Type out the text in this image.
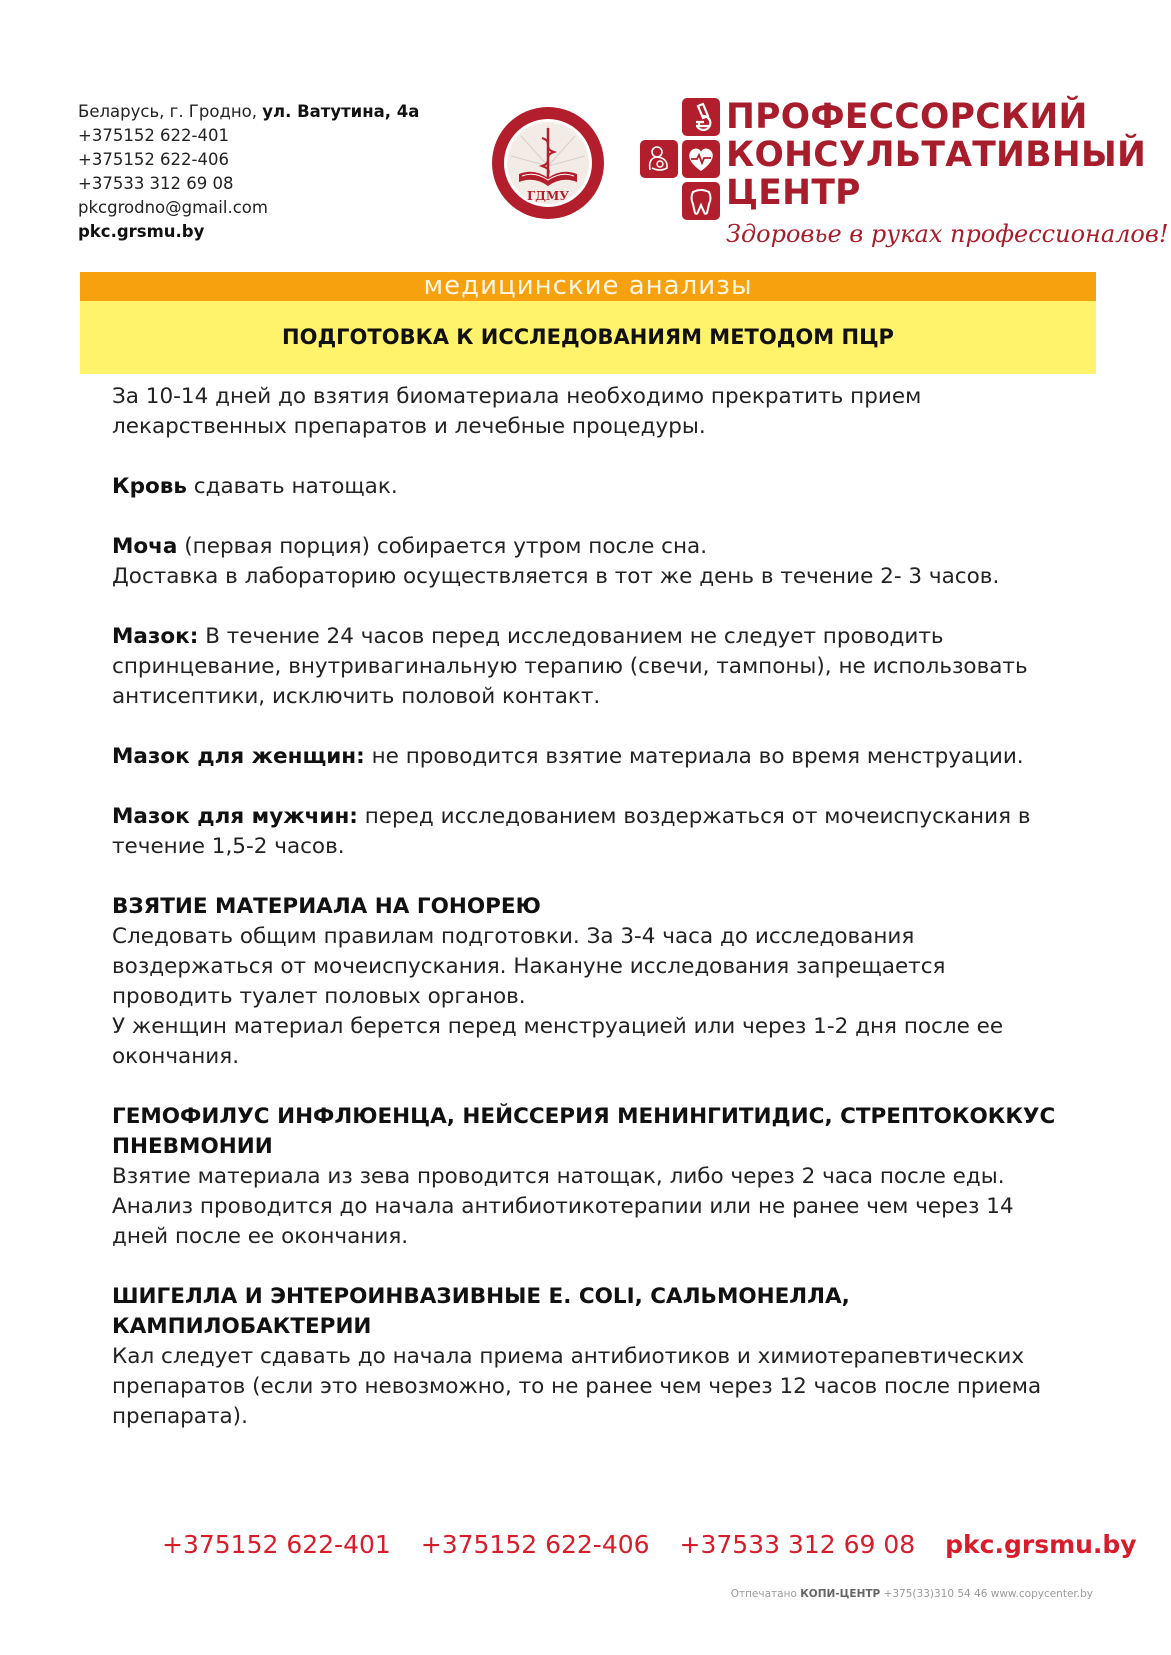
Беларусь, г. Гродно, ул. Ватутина, 4а
+375152 622-401
+375152 622-406
+37533 312 69 08
pkcgrodno@gmail.com
pkc.grsmu.by
ГДМУ
ПРОФЕССОРСКИЙ
КОНСУЛЬТАТИВНЫЙ
ЦЕНТР
Здоровье в руках профессионалов!
медицинские анализы
ПОДГОТОВКА К ИССЛЕДОВАНИЯМ МЕТОДОМ ПЦР

За 10-14 дней до взятия биоматериала необходимо прекратить прием лекарственных препаратов и лечебные процедуры.

Кровь сдавать натощак.

Моча (первая порция) собирается утром после сна.
Доставка в лабораторию осуществляется в тот же день в течение 2- 3 часов.

Мазок: В течение 24 часов перед исследованием не следует проводить спринцевание, внутривагинальную терапию (свечи, тампоны), не использовать антисептики, исключить половой контакт.

Мазок для женщин: не проводится взятие материала во время менструации.

Мазок для мужчин: перед исследованием воздержаться от мочеиспускания в течение 1,5-2 часов.

ВЗЯТИЕ МАТЕРИАЛА НА ГОНОРЕЮ

Следовать общим правилам подготовки. За 3-4 часа до исследования воздержаться от мочеиспускания. Накануне исследования запрещается проводить туалет половых органов.
У женщин материал берется перед менструацией или через 1-2 дня после ее окончания.

ГЕМОФИЛУС ИНФЛЮЕНЦА, НЕЙССЕРИЯ МЕНИНГИТИДИС, СТРЕПТОКОККУС ПНЕВМОНИИ

Взятие материала из зева проводится натощак, либо через 2 часа после еды. Анализ проводится до начала антибиотикотерапии или не ранее чем через 14 дней после ее окончания.

ШИГЕЛЛА И ЭНТЕРОИНВАЗИВНЫЕ E. COLI, САЛЬМОНЕЛЛА, КАМПИЛОБАКТЕРИИ

Кал следует сдавать до начала приема антибиотиков и химиотерапевтических препаратов (если это невозможно, то не ранее чем через 12 часов после приема препарата).

+375152 622-401 +375152 622-406 +37533 312 69 08 pkc.grsmu.by
Отпечатано КОПИ-ЦЕНТР +375(33)310 54 46 www.copycenter.by
